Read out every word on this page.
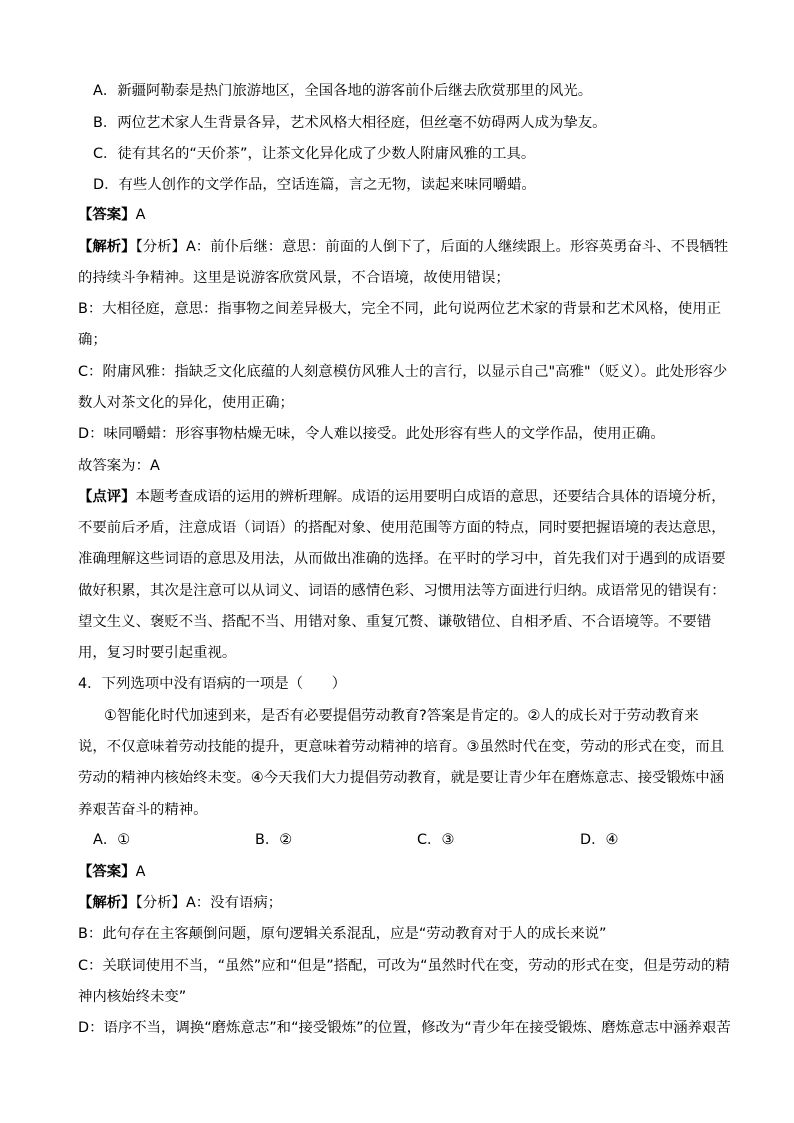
A．新疆阿勒泰是热门旅游地区，全国各地的游客前仆后继去欣赏那里的风光。
B．两位艺术家人生背景各异，艺术风格大相径庭，但丝毫不妨碍两人成为挚友。
C．徒有其名的“天价茶”，让茶文化异化成了少数人附庸风雅的工具。
D．有些人创作的文学作品，空话连篇，言之无物，读起来味同嚼蜡。
【答案】A
【解析】【分析】A：前仆后继：意思：前面的人倒下了，后面的人继续跟上。形容英勇奋斗、不畏牺牲
的持续斗争精神。这里是说游客欣赏风景，不合语境，故使用错误；
B：大相径庭，意思：指事物之间差异极大，完全不同，此句说两位艺术家的背景和艺术风格，使用正
确；
C：附庸风雅：指缺乏文化底蕴的人刻意模仿风雅人士的言行，以显示自己"高雅"（贬义）。此处形容少
数人对茶文化的异化，使用正确；
D：味同嚼蜡：形容事物枯燥无味，令人难以接受。此处形容有些人的文学作品，使用正确。
故答案为：A
【点评】本题考查成语的运用的辨析理解。成语的运用要明白成语的意思，还要结合具体的语境分析，
不要前后矛盾，注意成语（词语）的搭配对象、使用范围等方面的特点，同时要把握语境的表达意思，
准确理解这些词语的意思及用法，从而做出准确的选择。在平时的学习中，首先我们对于遇到的成语要
做好积累，其次是注意可以从词义、词语的感情色彩、习惯用法等方面进行归纳。成语常见的错误有：
望文生义、褒贬不当、搭配不当、用错对象、重复冗赘、谦敬错位、自相矛盾、不合语境等。不要错
用，复习时要引起重视。
4．下列选项中没有语病的一项是（　　）
①智能化时代加速到来，是否有必要提倡劳动教育?答案是肯定的。②人的成长对于劳动教育来
说，不仅意味着劳动技能的提升，更意味着劳动精神的培育。③虽然时代在变，劳动的形式在变，而且
劳动的精神内核始终未变。④今天我们大力提倡劳动教育，就是要让青少年在磨炼意志、接受锻炼中涵
养艰苦奋斗的精神。
A．①	B．②	C．③	D．④
【答案】A
【解析】【分析】A：没有语病；
B：此句存在主客颠倒问题，原句逻辑关系混乱，应是“劳动教育对于人的成长来说”
C：关联词使用不当，“虽然”应和“但是”搭配，可改为“虽然时代在变，劳动的形式在变，但是劳动的精
神内核始终未变”
D：语序不当，调换“磨炼意志”和“接受锻炼”的位置，修改为“青少年在接受锻炼、磨炼意志中涵养艰苦
